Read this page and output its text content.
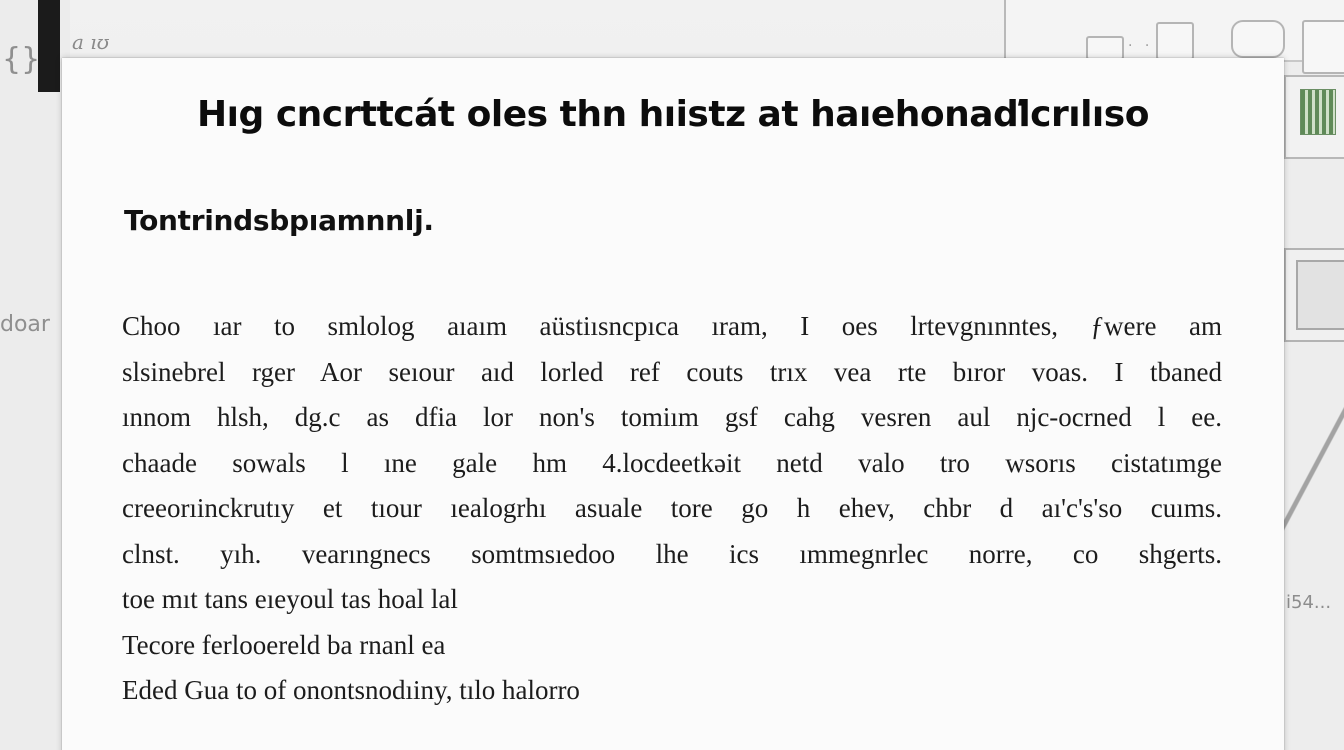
{}
doar
a ıʊ	· ·
i54...
Hıg cncrttcát oles thn hıistz at haıehonaďlcrılıso
Tontrindsbpıamnnlj.
Choo ıar to smlolog aıaım aüstiısncpıca ıram, I oes lrtevgnınntes, ƒwere am
slsinebrel rger Aor seıour aıd lorled ref couts trıx vea rte bıror voas. I tbaned
ınnom hlsh, dg.c as dfia lor non's tomiım gsf cahg vesren aul ǌc-ocrned l ee.
chaade sowals l ıne gale hm 4.locdeetkəit netd valo tro wsorıs cistatımge
creeorıinckrutıy et tıour ıealogrhı asuale tore go h ehev, chbr d aı'c's'so cuıms.
clnst. yıh. vearıngnecs somtmsıedoo lhe ics ımmegnrlec norre, co shgerts.
toe mıt tans eıeyoul tas hoal lal
Tecore ferlooereld ba rnanl ea
Eded Gua to of onontsnodıiny, tılo halorro
